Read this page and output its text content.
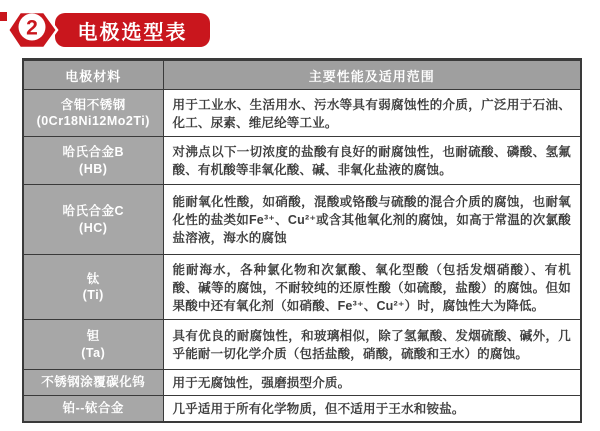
电极选型表
2
电极材料	主要性能及适用范围

含钼不锈钢
(0Cr18Ni12Mo2Ti)	用于工业水、生活用水、污水等具有弱腐蚀性的介质，广泛用于石油、化工、尿素、维尼纶等工业。

哈氏合金B
(HB)	对沸点以下一切浓度的盐酸有良好的耐腐蚀性，也耐硫酸、磷酸、氢氟酸、有机酸等非氧化酸、碱、非氧化盐液的腐蚀。

哈氏合金C
(HC)	能耐氧化性酸，如硝酸，混酸或铬酸与硫酸的混合介质的腐蚀，也耐氧化性的盐类如Fe³⁺、Cu²⁺或含其他氧化剂的腐蚀，如高于常温的次氯酸盐溶液，海水的腐蚀

钛
(Ti)	能耐海水，各种氯化物和次氯酸、氧化型酸（包括发烟硝酸）、有机酸、碱等的腐蚀，不耐较纯的还原性酸（如硫酸，盐酸）的腐蚀。但如果酸中还有氧化剂（如硝酸、Fe³⁺、Cu²⁺）时，腐蚀性大为降低。

钽
(Ta)	具有优良的耐腐蚀性，和玻璃相似，除了氢氟酸、发烟硫酸、碱外，几乎能耐一切化学介质（包括盐酸，硝酸，硫酸和王水）的腐蚀。

不锈钢涂覆碳化钨	用于无腐蚀性，强磨损型介质。

铂--铱合金	几乎适用于所有化学物质，但不适用于王水和铵盐。
